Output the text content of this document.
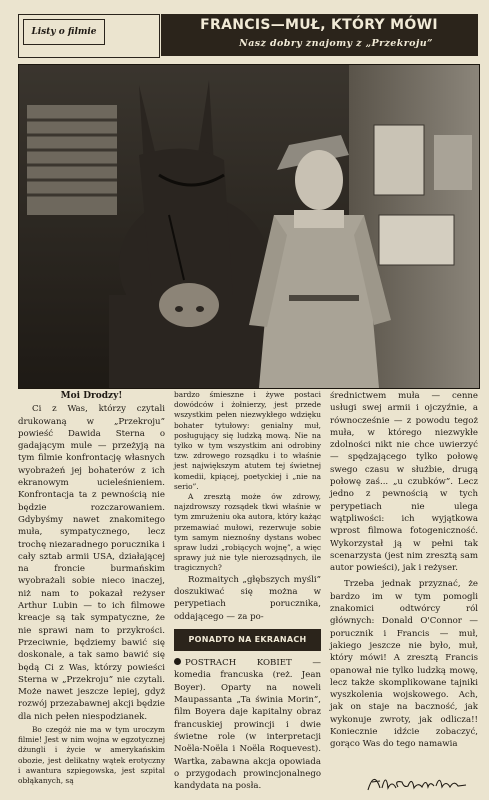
Listy o filmie	FRANCIS—MUŁ, KTÓRY MÓWI
Nasz dobry znajomy z „Przekroju”
Moi Drodzy!

Ci z Was, którzy czytali drukowaną w „Przekroju” powieść Dawida Sterna o gadającym mule — przeżyją na tym filmie konfrontację własnych wyobrażeń jej bohaterów z ich ekranowym ucieleśnieniem. Konfrontacja ta z pewnością nie będzie rozczarowaniem. Gdybyśmy nawet znakomitego muła, sympatycznego, lecz trochę niezaradnego porucznika i cały sztab armii USA, działającej na froncie burmańskim wyobrażali sobie nieco inaczej, niż nam to pokazał reżyser Arthur Lubin — to ich filmowe kreacje są tak sympatyczne, że nie sprawi nam to przykrości. Przeciwnie, będziemy bawić się doskonale, a tak samo bawić się będą Ci z Was, którzy powieści Sterna w „Przekroju” nie czytali. Może nawet jeszcze lepiej, gdyż rozwój przezabawnej akcji będzie dla nich pełen niespodzianek.

Bo czegóż nie ma w tym uroczym filmie! Jest w nim wojna w egzotycznej dżungli i życie w amerykańskim obozie, jest delikatny wątek erotyczny i awantura szpiegowska, jest szpital obłąkanych, są

bardzo śmieszne i żywe postaci dowódców i żołnierzy, jest przede wszystkim pełen niezwykłego wdzięku bohater tytułowy: genialny muł, posługujący się ludzką mową. Nie na tylko w tym wszystkim ani odrobiny tzw. zdrowego rozsądku i to właśnie jest największym atutem tej świetnej komedii, kpiącej, poetyckiej i „nie na serio”.

A zresztą może ów zdrowy, najzdrowszy rozsądek tkwi właśnie w tym zmrużeniu oka autora, który każąc przemawiać mułowi, rezerwuje sobie tym samym nieznośny dystans wobec spraw ludzi „robiących wojnę”, a więc sprawy już nie tyle nierozsądnych, ile tragicznych?

Rozmaitych „głębszych myśli” doszukiwać się można w perypetiach porucznika, oddającego — za po-

PONADTO NA EKRANACH

POSTRACH KOBIET — komedia francuska (reż. Jean Boyer). Oparty na noweli Maupassanta „Ta świnia Morin”, film Boyera daje kapitalny obraz francuskiej prowincji i dwie świetne role (w interpretacji Noëla-Noëla i Noëla Roquevest). Wartka, zabawna akcja opowiada o przygodach prowincjonalnego kandydata na posła.

średnictwem muła — cenne usługi swej armii i ojczyźnie, a równocześnie — z powodu tegoż muła, w którego niezwykłe zdolności nikt nie chce uwierzyć — spędzającego tylko połowę swego czasu w służbie, drugą połowę zaś... „u czubków”. Lecz jedno z pewnością w tych perypetiach nie ulega wątpliwości: ich wyjątkowa wprost filmowa fotogeniczność. Wykorzystał ją w pełni tak scenarzysta (jest nim zresztą sam autor powieści), jak i reżyser.

Trzeba jednak przyznać, że bardzo im w tym pomogli znakomici odtwórcy ról głównych: Donald O'Connor — porucznik i Francis — muł, jakiego jeszcze nie było, muł, który mówi! A zresztą Francis opanował nie tylko ludzką mowę, lecz także skomplikowane tajniki wyszkolenia wojskowego. Ach, jak on staje na baczność, jak wykonuje zwroty, jak odlicza!! Koniecznie idźcie zobaczyć, gorąco Was do tego namawia
